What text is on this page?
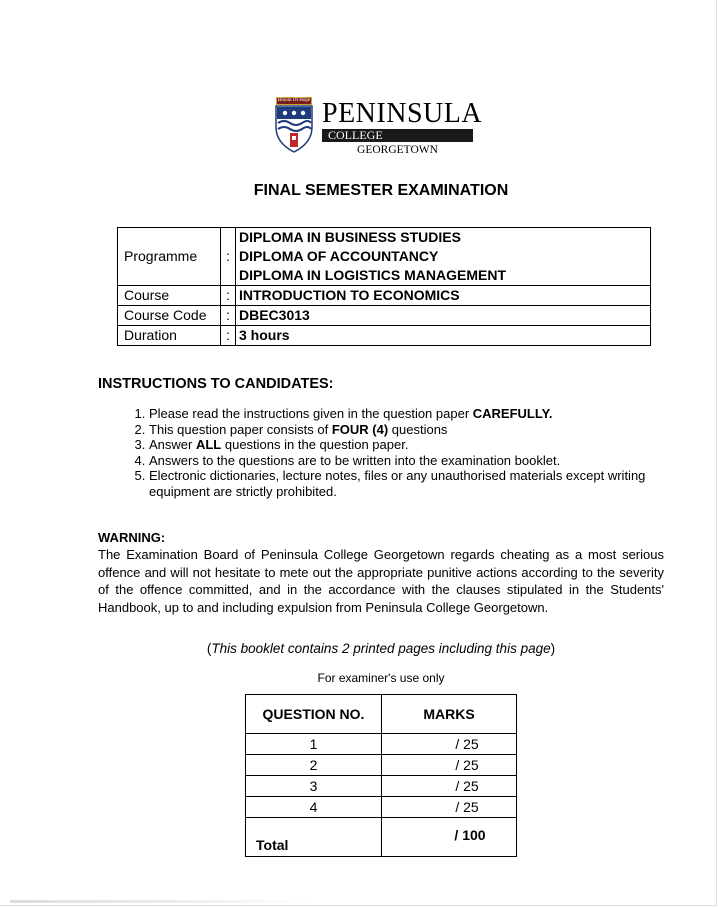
Bloom Of Hope PENINSULA
COLLEGE
GEORGETOWN
FINAL SEMESTER EXAMINATION
Programme	:	DIPLOMA IN BUSINESS STUDIES
DIPLOMA OF ACCOUNTANCY
DIPLOMA IN LOGISTICS MANAGEMENT

Course	:	INTRODUCTION TO ECONOMICS
Course Code	:	DBEC3013
Duration	:	3 hours
INSTRUCTIONS TO CANDIDATES:
1. Please read the instructions given in the question paper CAREFULLY.
2. This question paper consists of FOUR (4) questions
3. Answer ALL questions in the question paper.
4. Answers to the questions are to be written into the examination booklet.
5. Electronic dictionaries, lecture notes, files or any unauthorised materials except writing equipment are strictly prohibited.
WARNING:
The Examination Board of Peninsula College Georgetown regards cheating as a most serious offence and will not hesitate to mete out the appropriate punitive actions according to the severity of the offence committed, and in the accordance with the clauses stipulated in the Students' Handbook, up to and including expulsion from Peninsula College Georgetown.
(This booklet contains 2 printed pages including this page)
For examiner's use only
QUESTION NO.	MARKS
1	/ 25
2	/ 25
3	/ 25
4	/ 25
Total	/ 100
